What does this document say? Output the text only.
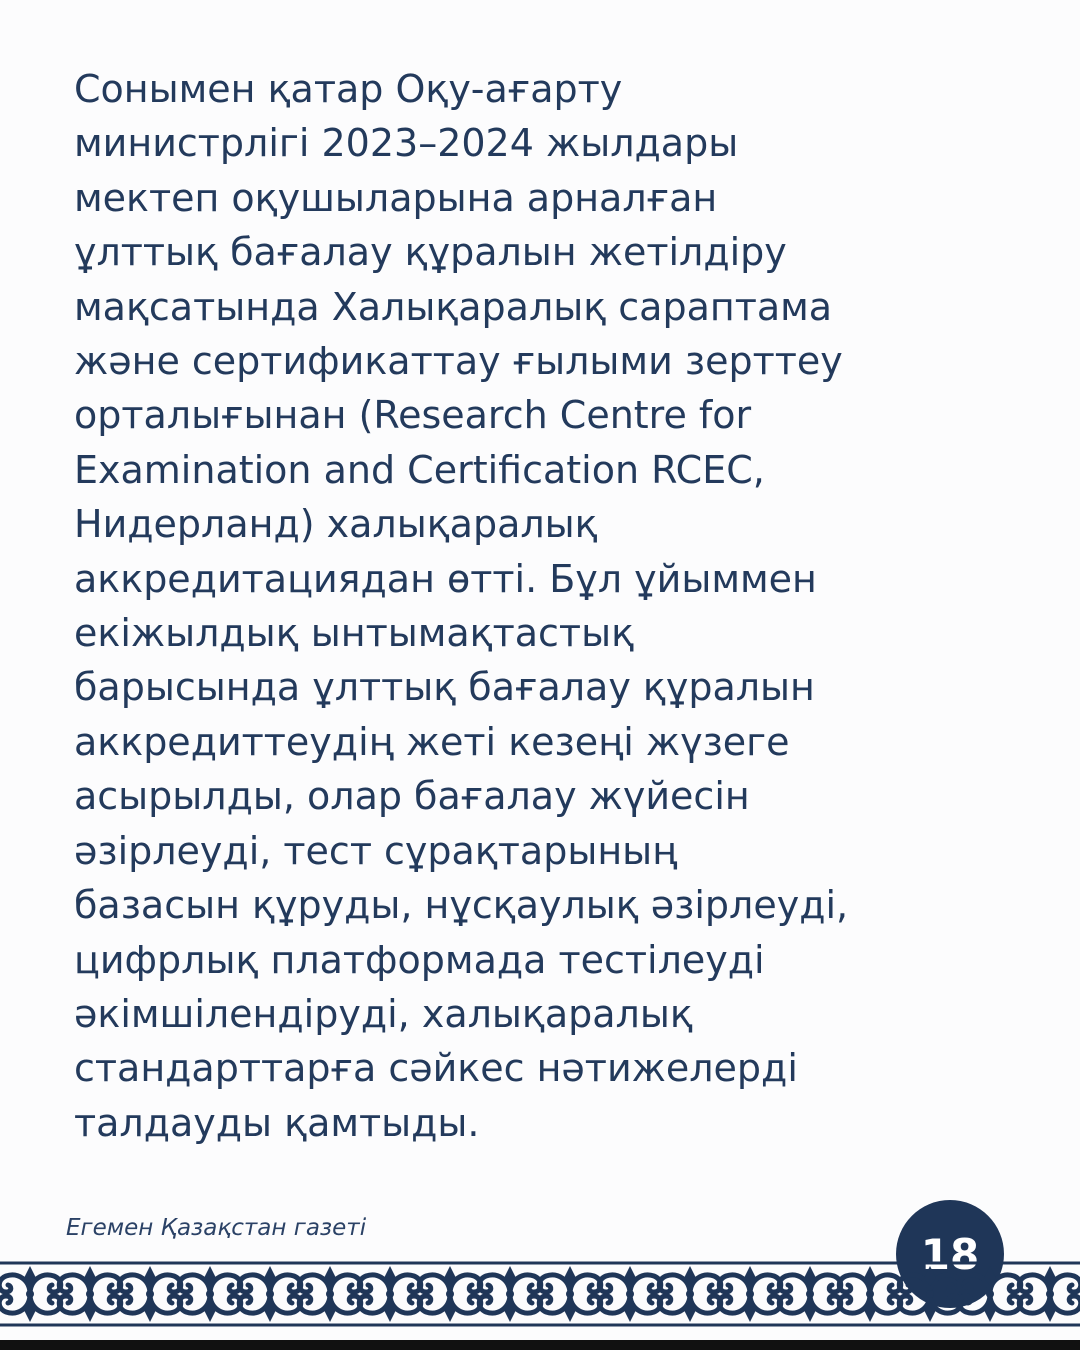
Сонымен қатар Оқу-ағарту
министрлігі 2023–2024 жылдары
мектеп оқушыларына арналған
ұлттық бағалау құралын жетілдіру
мақсатында Халықаралық сараптама
және сертификаттау ғылыми зерттеу
орталығынан (Research Centre for
Examination and Certification RCEC,
Нидерланд) халықаралық
аккредитациядан өтті. Бұл ұйыммен
екіжылдық ынтымақтастық
барысында ұлттық бағалау құралын
аккредиттеудің жеті кезеңі жүзеге
асырылды, олар бағалау жүйесін
әзірлеуді, тест сұрақтарының
базасын құруды, нұсқаулық әзірлеуді,
цифрлық платформада тестілеуді
әкімшілендіруді, халықаралық
стандарттарға сәйкес нәтижелерді
талдауды қамтыды.

Егемен Қазақстан газеті
18
